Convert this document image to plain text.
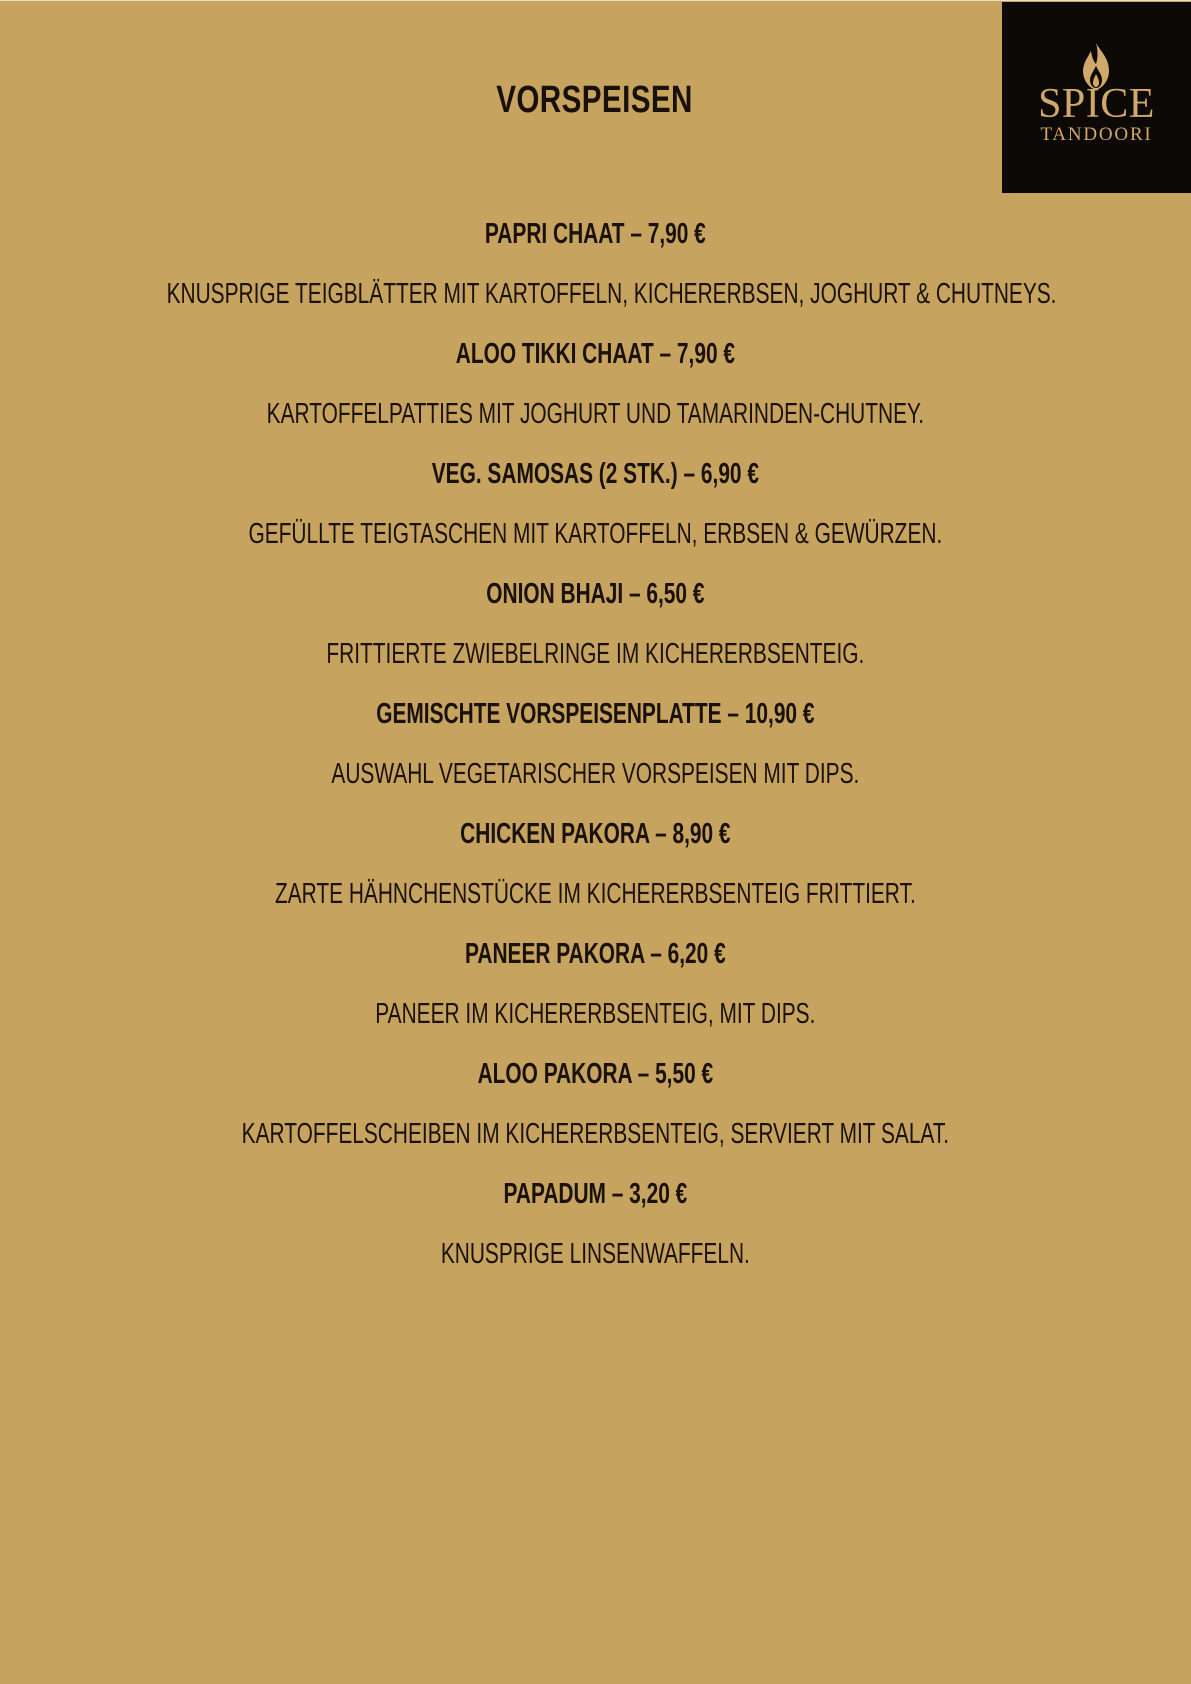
SPICE
TANDOORI
VORSPEISEN
PAPRI CHAAT – 7,90 €
KNUSPRIGE TEIGBLÄTTER MIT KARTOFFELN, KICHERERBSEN, JOGHURT & CHUTNEYS.
ALOO TIKKI CHAAT – 7,90 €
KARTOFFELPATTIES MIT JOGHURT UND TAMARINDEN-CHUTNEY.
VEG. SAMOSAS (2 STK.) – 6,90 €
GEFÜLLTE TEIGTASCHEN MIT KARTOFFELN, ERBSEN & GEWÜRZEN.
ONION BHAJI – 6,50 €
FRITTIERTE ZWIEBELRINGE IM KICHERERBSENTEIG.
GEMISCHTE VORSPEISENPLATTE – 10,90 €
AUSWAHL VEGETARISCHER VORSPEISEN MIT DIPS.
CHICKEN PAKORA – 8,90 €
ZARTE HÄHNCHENSTÜCKE IM KICHERERBSENTEIG FRITTIERT.
PANEER PAKORA – 6,20 €
PANEER IM KICHERERBSENTEIG, MIT DIPS.
ALOO PAKORA – 5,50 €
KARTOFFELSCHEIBEN IM KICHERERBSENTEIG, SERVIERT MIT SALAT.
PAPADUM – 3,20 €
KNUSPRIGE LINSENWAFFELN.
